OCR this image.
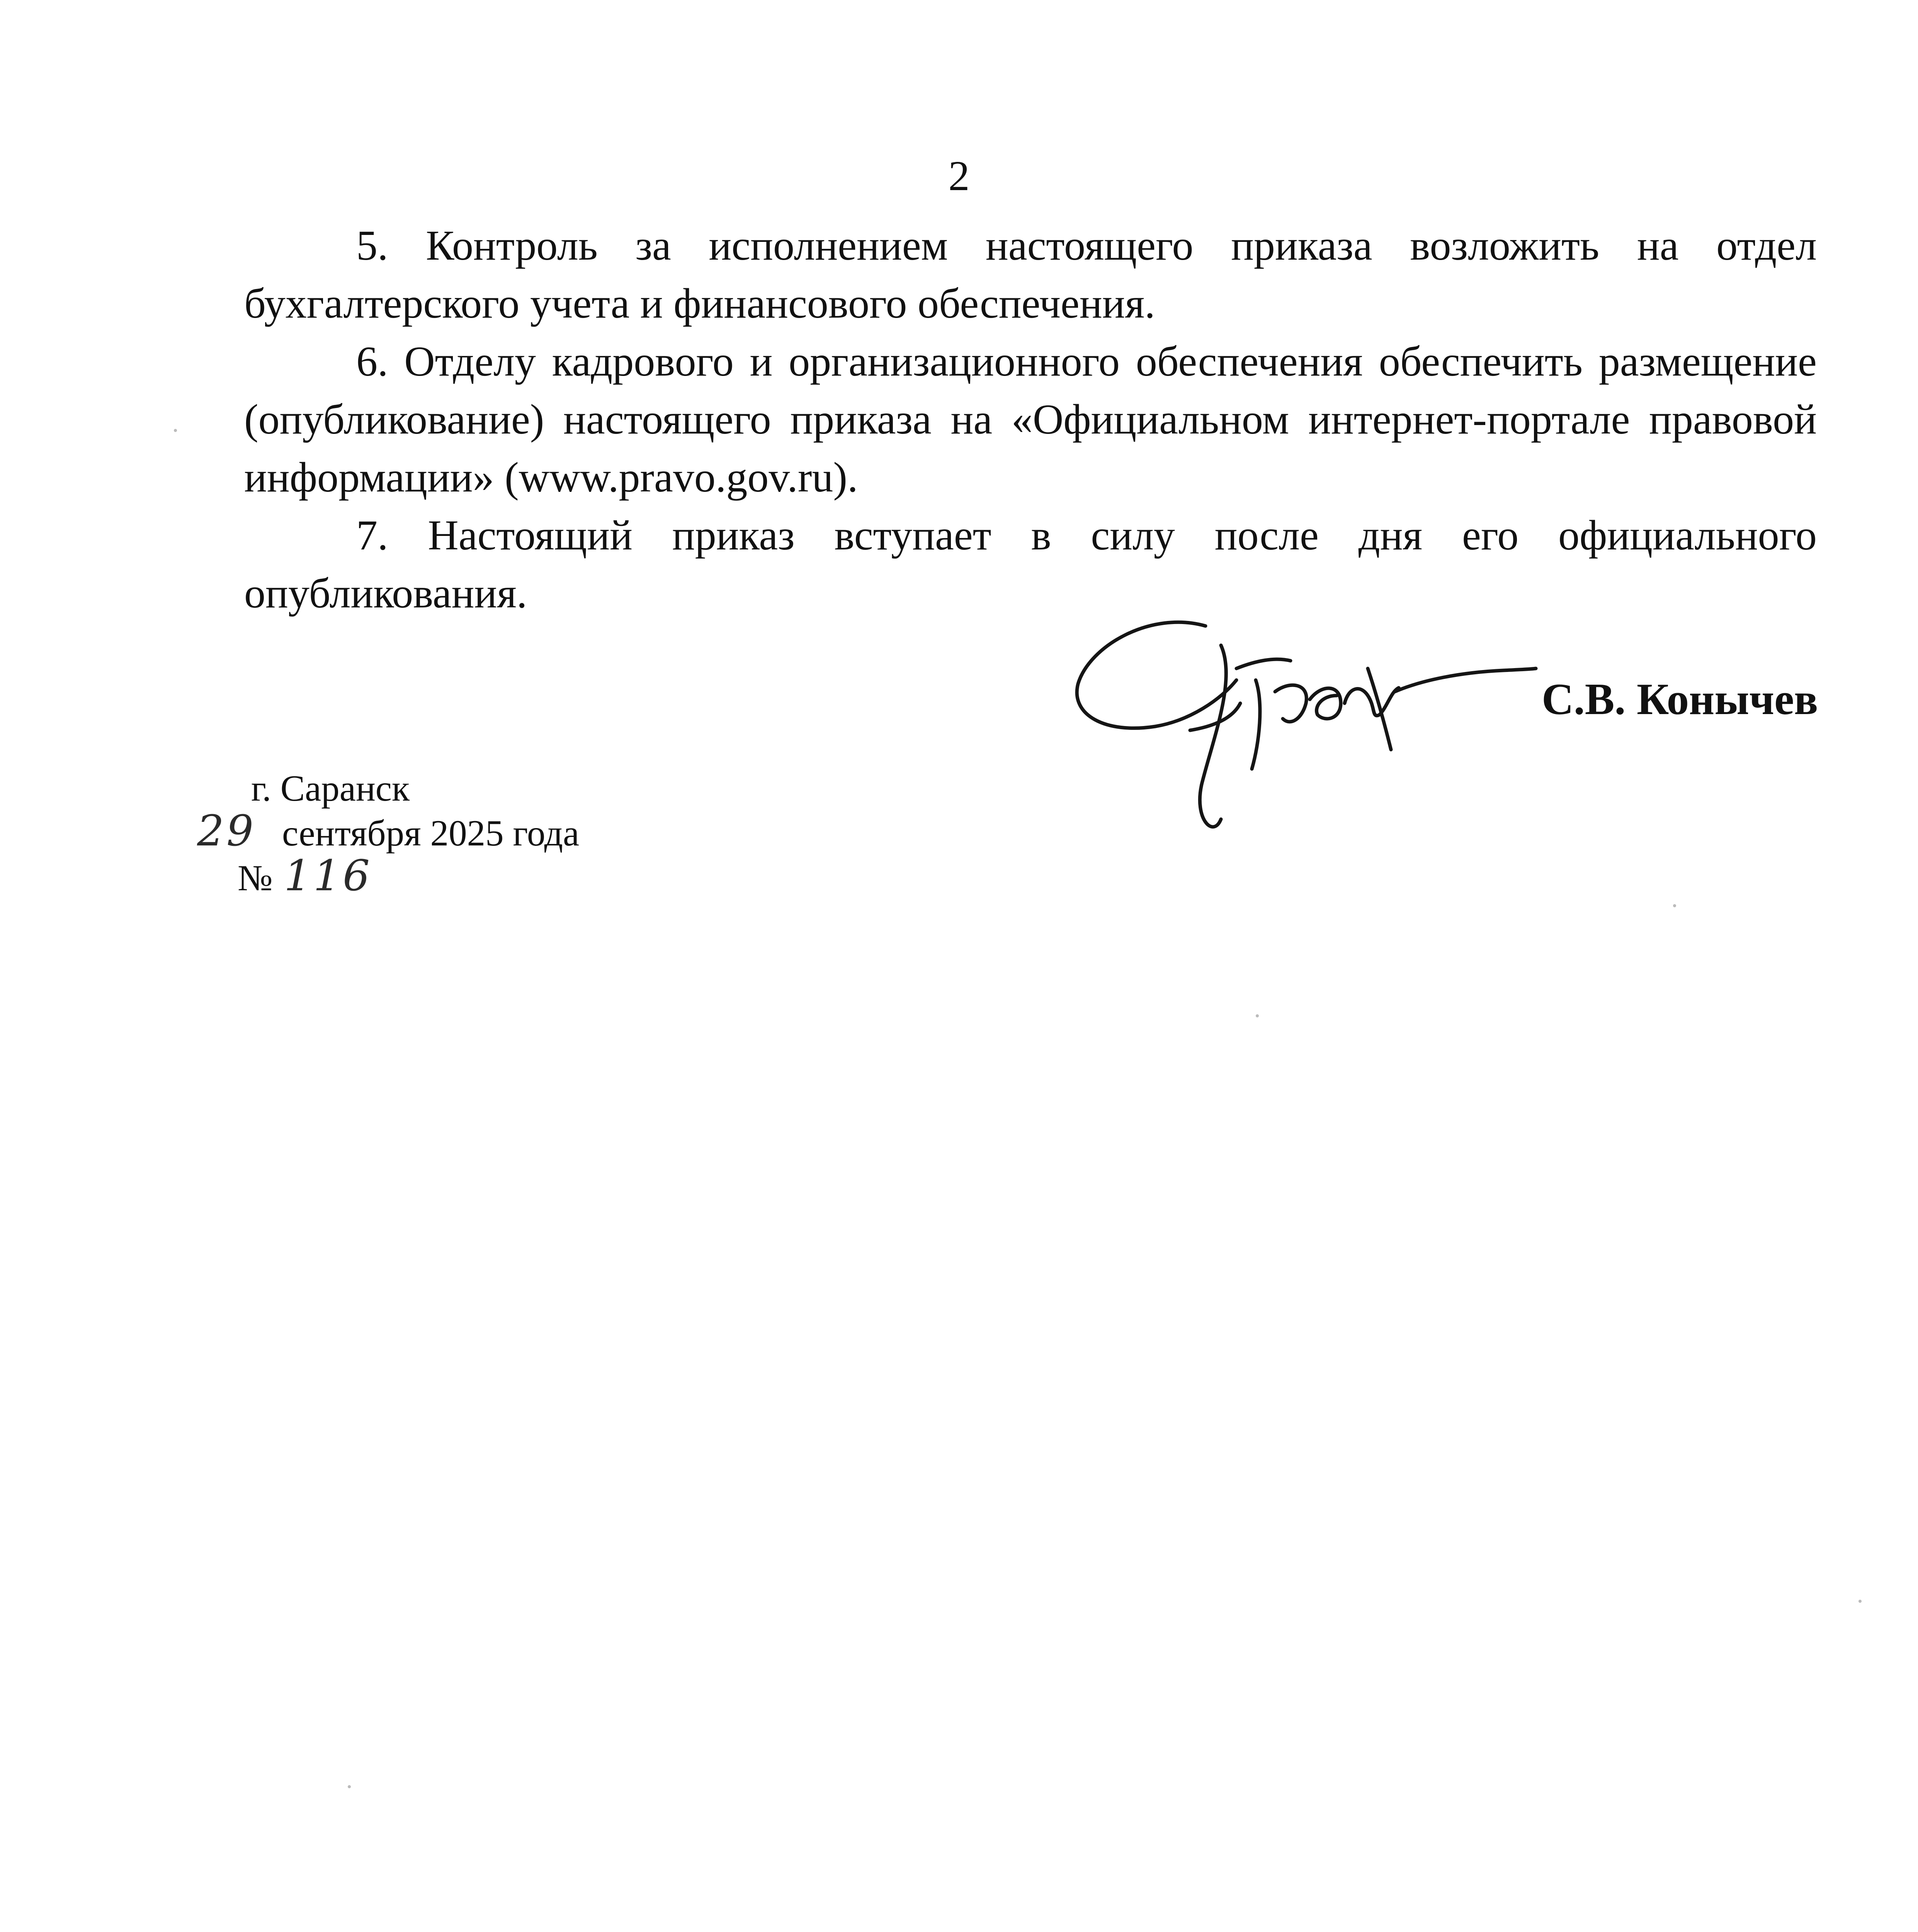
2

5. Контроль за исполнением настоящего приказа возложить на отдел бухгалтерского учета и финансового обеспечения.

6. Отделу кадрового и организационного обеспечения обеспечить размещение (опубликование) настоящего приказа на «Официальном интернет-портале правовой информации» (www.pravo.gov.ru).

7. Настоящий приказ вступает в силу после дня его официального опубликования.

С.В. Конычев
г. Саранск
29 сентября 2025 года
№ 116
